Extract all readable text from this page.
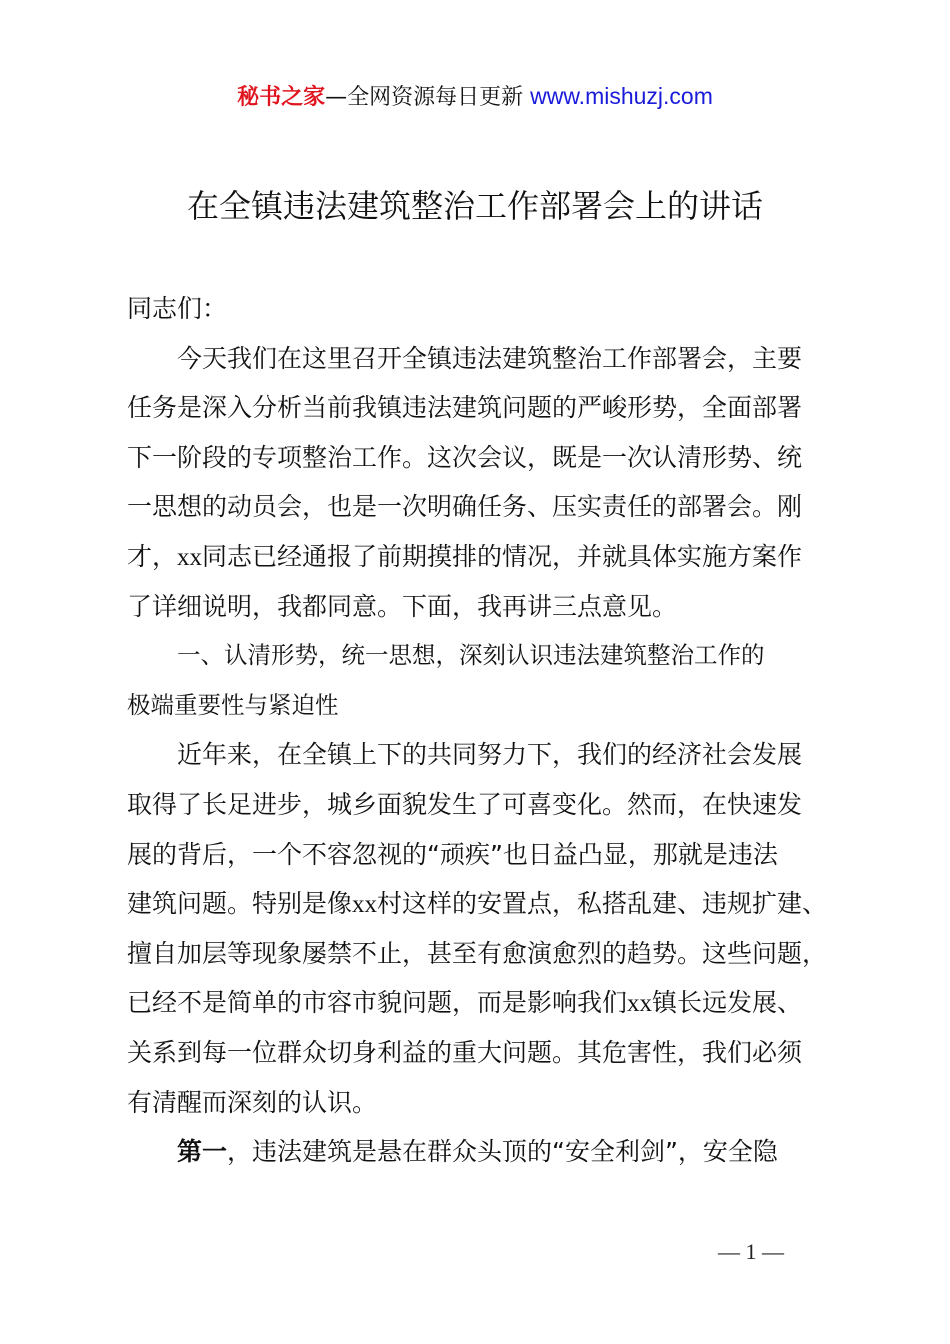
秘书之家—全网资源每日更新 www.mishuzj.com
在全镇违法建筑整治工作部署会上的讲话
同志们：
今天我们在这里召开全镇违法建筑整治工作部署会，主要
任务是深入分析当前我镇违法建筑问题的严峻形势，全面部署
下一阶段的专项整治工作。这次会议，既是一次认清形势、统
一思想的动员会，也是一次明确任务、压实责任的部署会。刚
才，xx同志已经通报了前期摸排的情况，并就具体实施方案作
了详细说明，我都同意。下面，我再讲三点意见。
一、认清形势，统一思想，深刻认识违法建筑整治工作的
极端重要性与紧迫性
近年来，在全镇上下的共同努力下，我们的经济社会发展
取得了长足进步，城乡面貌发生了可喜变化。然而，在快速发
展的背后，一个不容忽视的“顽疾”也日益凸显，那就是违法
建筑问题。特别是像xx村这样的安置点，私搭乱建、违规扩建、
擅自加层等现象屡禁不止，甚至有愈演愈烈的趋势。这些问题，
已经不是简单的市容市貌问题，而是影响我们xx镇长远发展、
关系到每一位群众切身利益的重大问题。其危害性，我们必须
有清醒而深刻的认识。
第一，违法建筑是悬在群众头顶的“安全利剑”，安全隐
— 1 —
